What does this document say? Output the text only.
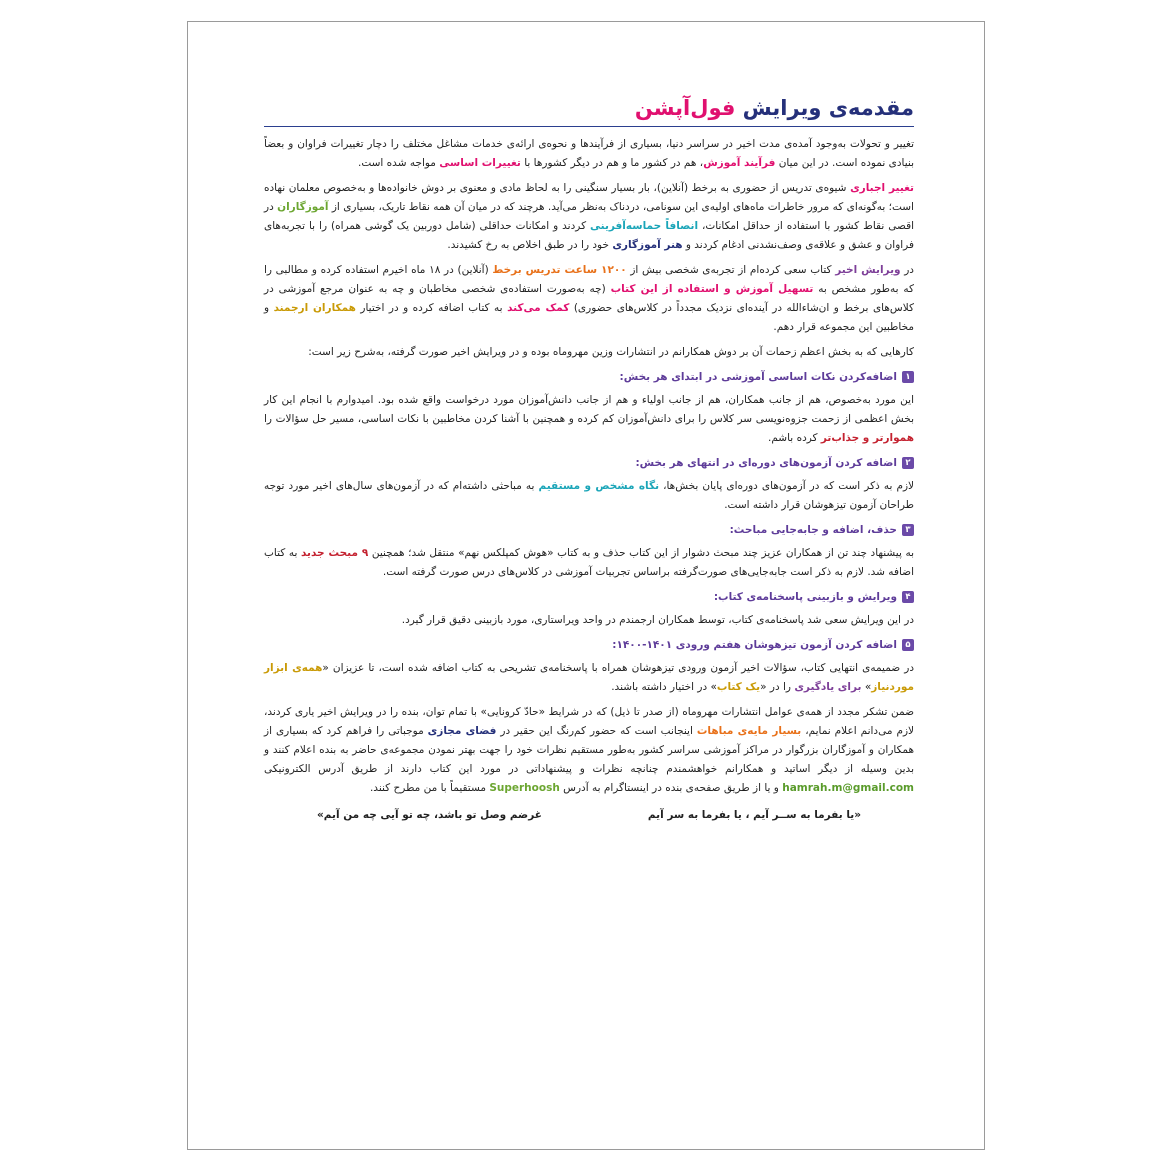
مقدمه‌ی ویرایش فول‌آپشن

تغییر و تحولات به‌وجود آمده‌ی مدت اخیر در سراسر دنیا، بسیاری از فرآیندها و نحوه‌ی ارائه‌ی خدمات مشاغل مختلف را دچار تغییرات فراوان و بعضاً بنیادی نموده است. در این میان فرآیند آموزش، هم در کشور ما و هم در دیگر کشورها با تغییرات اساسی مواجه شده است.

تغییر اجباری شیوه‌ی تدریس از حضوری به برخط (آنلاین)، بار بسیار سنگینی را به لحاظ مادی و معنوی بر دوش خانواده‌ها و به‌خصوص معلمان نهاده است؛ به‌گونه‌ای که مرور خاطرات ماه‌های اولیه‌ی این سونامی، دردناک به‌نظر می‌آید. هرچند که در میان آن همه نقاط تاریک، بسیاری از آموزگاران در اقصی نقاط کشور با استفاده از حداقل امکانات، انصافاً حماسه‌آفرینی کردند و امکانات حداقلی (شامل دوربین یک گوشی همراه) را با تجربه‌های فراوان و عشق و علاقه‌ی وصف‌نشدنی ادغام کردند و هنر آموزگاری خود را در طبق اخلاص به رخ کشیدند.

در ویرایش اخیر کتاب سعی کرده‌ام از تجربه‌ی شخصی بیش از ۱۲۰۰ ساعت تدریس برخط (آنلاین) در ۱۸ ماه اخیرم استفاده کرده و مطالبی را که به‌طور مشخص به تسهیل آموزش و استفاده از این کتاب (چه به‌صورت استفاده‌ی شخصی مخاطبان و چه به عنوان مرجع آموزشی در کلاس‌های برخط و ان‌شاءالله در آینده‌ای نزدیک مجدداً در کلاس‌های حضوری) کمک می‌کند به کتاب اضافه کرده و در اختیار همکاران ارجمند و مخاطبین این مجموعه قرار دهم.

کارهایی که به بخش اعظم زحمات آن بر دوش همکارانم در انتشارات وزین مهروماه بوده و در ویرایش اخیر صورت گرفته، به‌شرح زیر است:

۱اضافه‌کردن نکات اساسی آموزشی در ابتدای هر بخش:

این مورد به‌خصوص، هم از جانب همکاران، هم از جانب اولیاء و هم از جانب دانش‌آموزان مورد درخواست واقع شده بود. امیدوارم با انجام این کار بخش اعظمی از زحمت جزوه‌نویسی سر کلاس را برای دانش‌آموزان کم کرده و همچنین با آشنا کردن مخاطبین با نکات اساسی، مسیر حل سؤالات را هموارتر و جذاب‌تر کرده باشم.

۲اضافه کردن آزمون‌های دوره‌ای در انتهای هر بخش:

لازم به ذکر است که در آزمون‌های دوره‌ای پایان بخش‌ها، نگاه مشخص و مستقیم به مباحثی داشته‌ام که در آزمون‌های سال‌های اخیر مورد توجه طراحان آزمون تیزهوشان قرار داشته است.

۳حذف، اضافه و جابه‌جایی مباحث:

به پیشنهاد چند تن از همکاران عزیز چند مبحث دشوار از این کتاب حذف و به کتاب «هوش کمپلکس نهم» منتقل شد؛ همچنین ۹ مبحث جدید به کتاب اضافه شد. لازم به ذکر است جابه‌جایی‌های صورت‌گرفته براساس تجربیات آموزشی در کلاس‌های درس صورت گرفته است.

۴ویرایش و بازبینی پاسخنامه‌ی کتاب:

در این ویرایش سعی شد پاسخنامه‌ی کتاب، توسط همکاران ارجمندم در واحد ویراستاری، مورد بازبینی دقیق قرار گیرد.

۵اضافه کردن آزمون تیزهوشان هفتم ورودی ۱۴۰۱-۱۴۰۰:

در ضمیمه‌ی انتهایی کتاب، سؤالات اخیر آزمون ورودی تیزهوشان همراه با پاسخنامه‌ی تشریحی به کتاب اضافه شده است، تا عزیزان «همه‌ی ابزار موردنیاز» برای یادگیری را در «یک کتاب» در اختیار داشته باشند.

ضمن تشکر مجدد از همه‌ی عوامل انتشارات مهروماه (از صدر تا ذیل) که در شرایط «حادّ کرونایی» با تمام توان، بنده را در ویرایش اخیر یاری کردند، لازم می‌دانم اعلام نمایم، بسیار مایه‌ی مباهات اینجانب است که حضور کم‌رنگ این حقیر در فضای مجازی موجباتی را فراهم کرد که بسیاری از همکاران و آموزگاران بزرگوار در مراکز آموزشی سراسر کشور به‌طور مستقیم نظرات خود را جهت بهتر نمودن مجموعه‌ی حاضر به بنده اعلام کنند و بدین وسیله از دیگر اساتید و همکارانم خواهشمندم چنانچه نظرات و پیشنهاداتی در مورد این کتاب دارند از طریق آدرس الکترونیکی hamrah.m@gmail.com و یا از طریق صفحه‌ی بنده در اینستاگرام به آدرس Superhoosh مستقیماً با من مطرح کنند.

«یا بفرما به ســر آیم ، یا بفرما به سر آیم
غرضم وصل تو باشد، چه تو آیی چه من آیم»
